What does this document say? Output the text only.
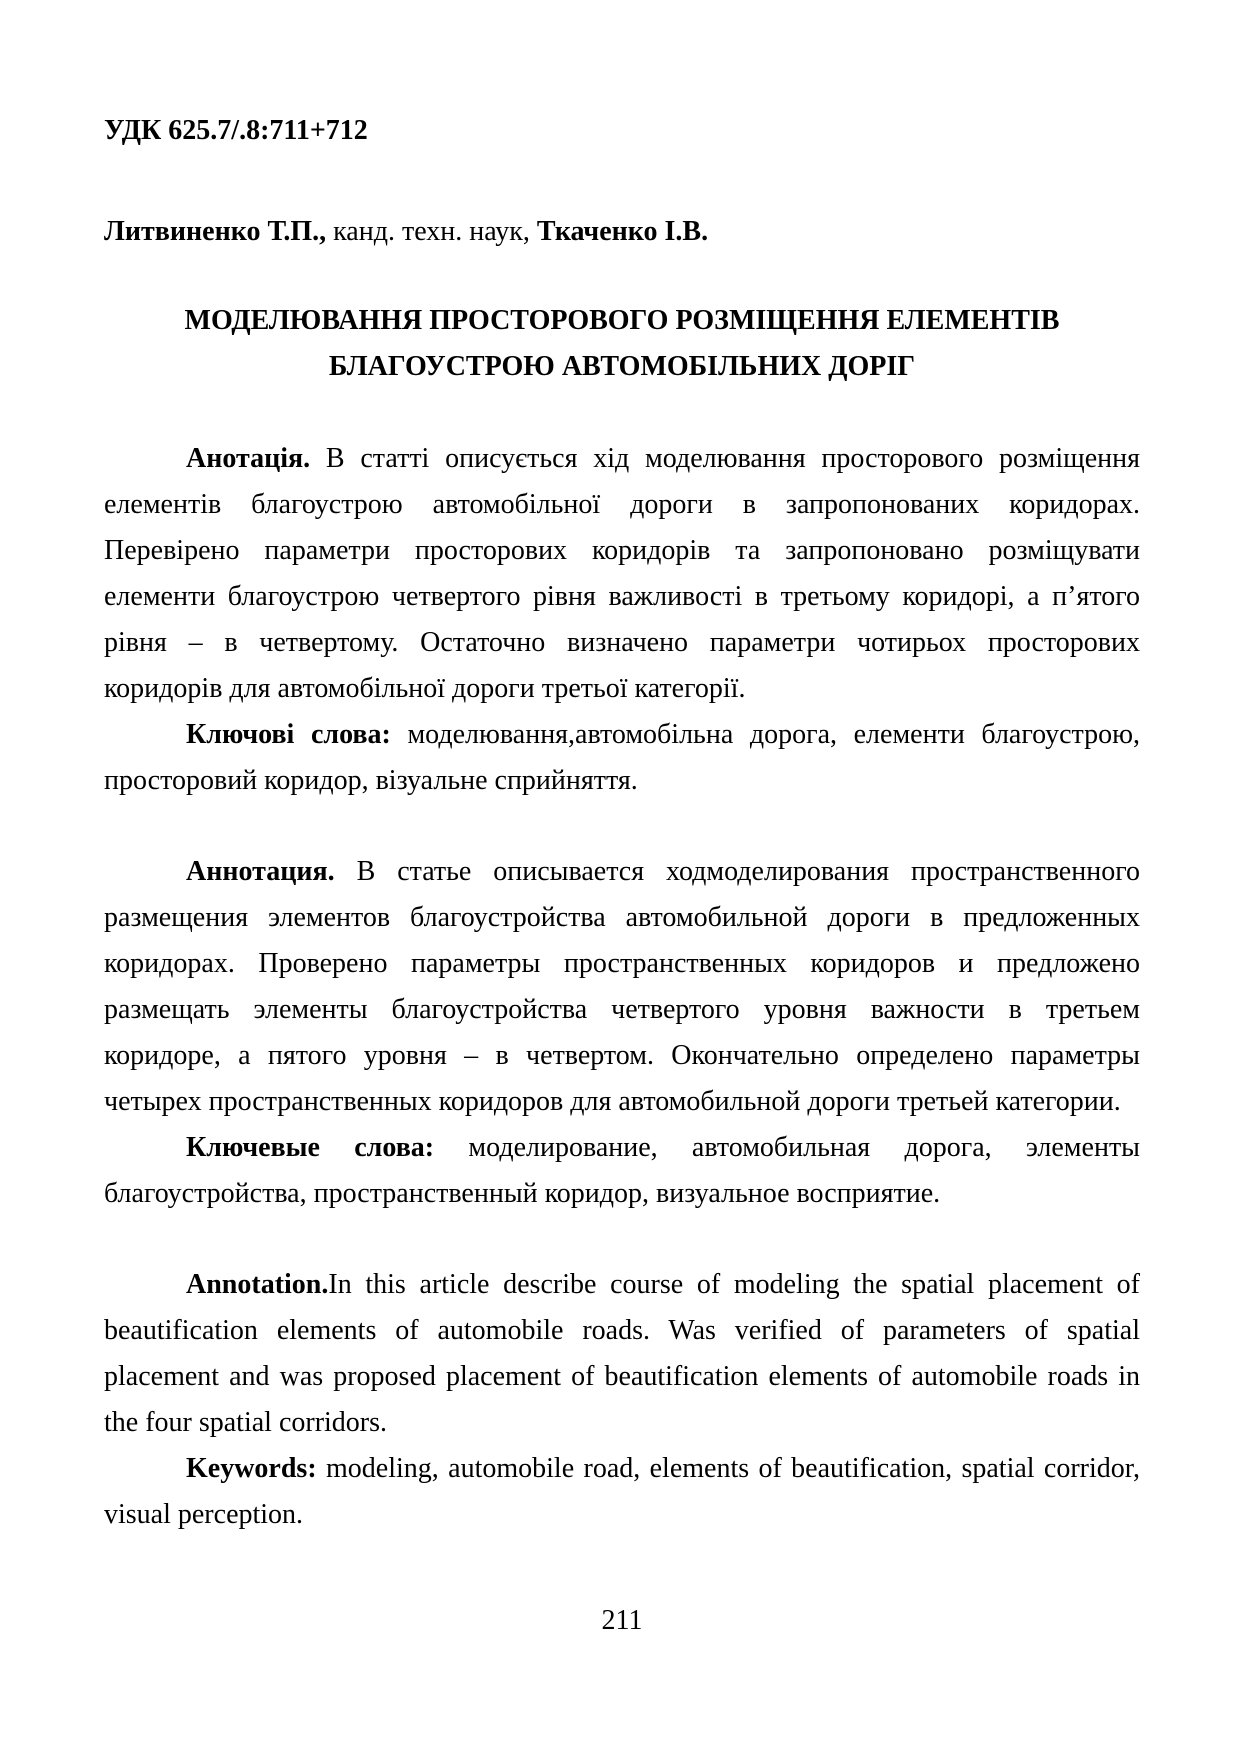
УДК 625.7/.8:711+712

Литвиненко Т.П., канд. техн. наук, Ткаченко І.В.

МОДЕЛЮВАННЯ ПРОСТОРОВОГО РОЗМІЩЕННЯ ЕЛЕМЕНТІВ
БЛАГОУСТРОЮ АВТОМОБІЛЬНИХ ДОРІГ

Анотація. В статті описується хід моделювання просторового розміщення елементів благоустрою автомобільної дороги в запропонованих коридорах. Перевірено параметри просторових коридорів та запропоновано розміщувати елементи благоустрою четвертого рівня важливості в третьому коридорі, а п’ятого рівня – в четвертому. Остаточно визначено параметри чотирьох просторових коридорів для автомобільної дороги третьої категорії.

Ключові слова: моделювання,автомобільна дорога, елементи благоустрою, просторовий коридор, візуальне сприйняття.

Аннотация. В статье описывается ходмоделирования пространственного размещения элементов благоустройства автомобильной дороги в предложенных коридорах. Проверено параметры пространственных коридоров и предложено размещать элементы благоустройства четвертого уровня важности в третьем коридоре, а пятого уровня – в четвертом. Окончательно определено параметры четырех пространственных коридоров для автомобильной дороги третьей категории.

Ключевые слова: моделирование, автомобильная дорога, элементы благоустройства, пространственный коридор, визуальное восприятие.

Annotation.In this article describe course of modeling the spatial placement of beautification elements of automobile roads. Was verified of parameters of spatial placement and was proposed placement of beautification elements of automobile roads in the four spatial corridors.

Keywords: modeling, automobile road, elements of beautification, spatial corridor, visual perception.

211
